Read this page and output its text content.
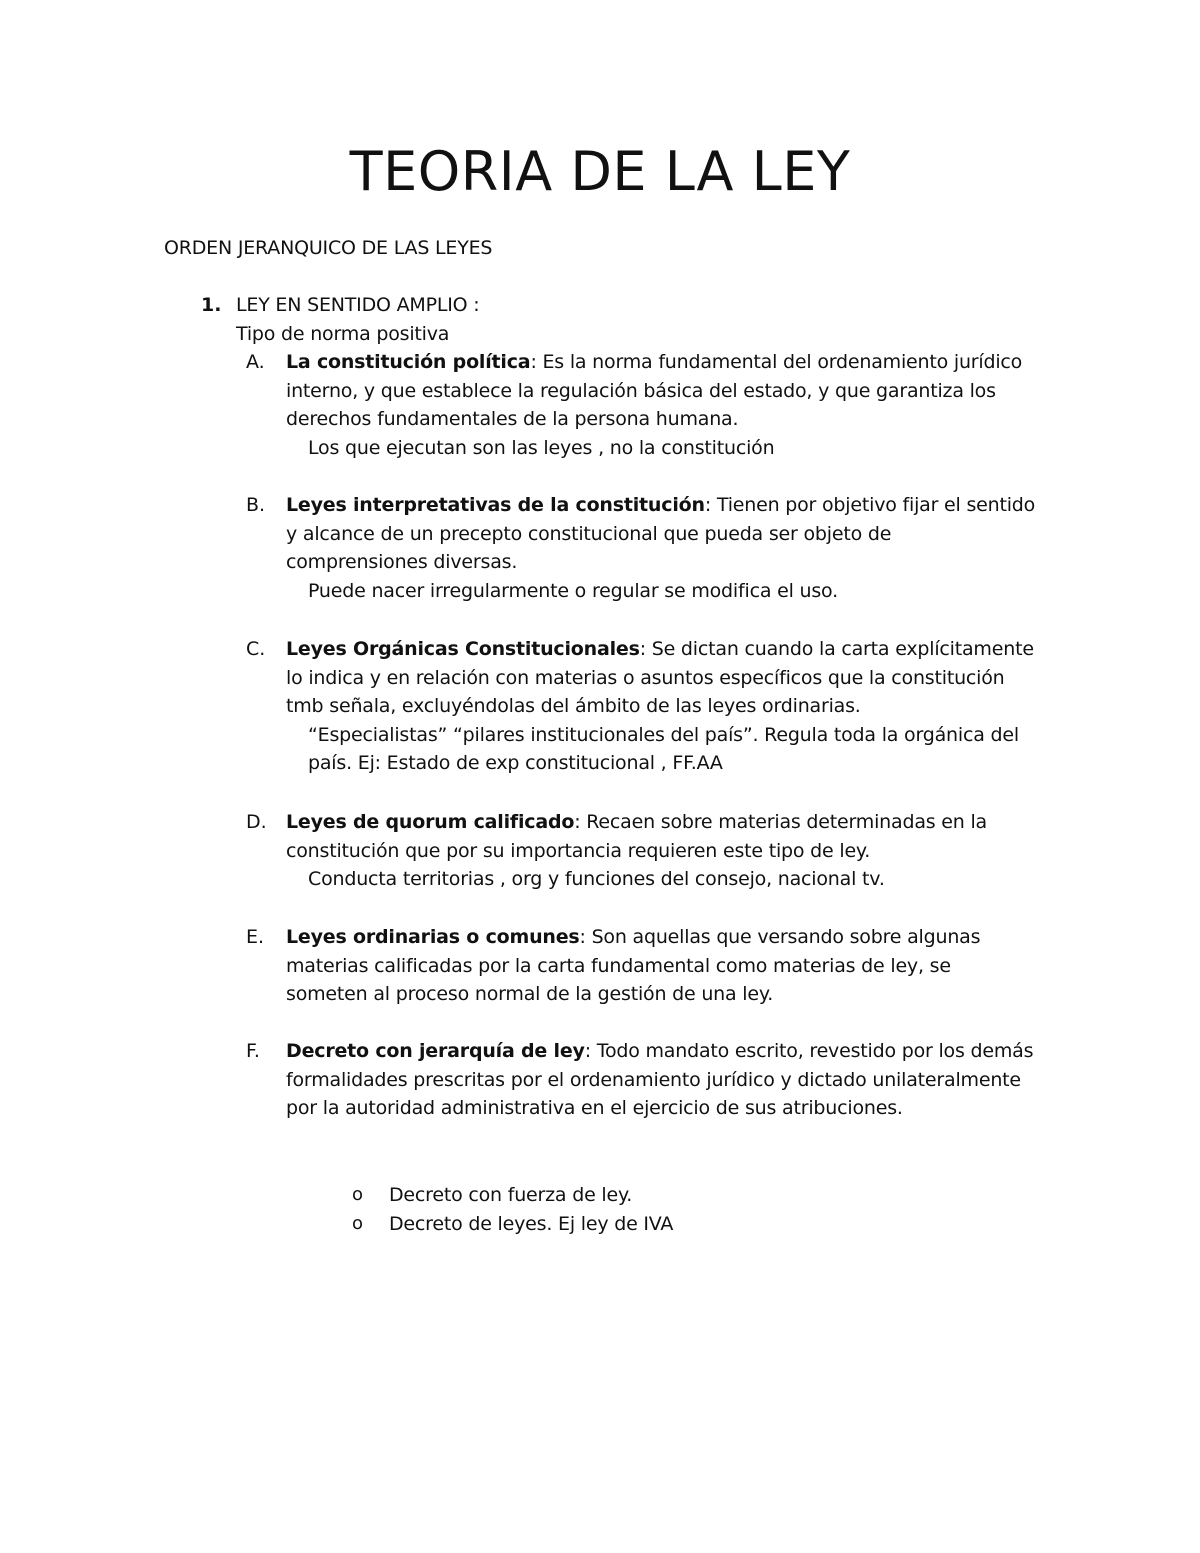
TEORIA DE LA LEY
ORDEN JERANQUICO DE LAS LEYES
1. LEY EN SENTIDO AMPLIO :
Tipo de norma positiva
A. La constitución política: Es la norma fundamental del ordenamiento jurídico interno, y que establece la regulación básica del estado, y que garantiza los derechos fundamentales de la persona humana.
Los que ejecutan son las leyes , no la constitución
B. Leyes interpretativas de la constitución: Tienen por objetivo fijar el sentido y alcance de un precepto constitucional que pueda ser objeto de comprensiones diversas.
Puede nacer irregularmente o regular se modifica el uso.
C. Leyes Orgánicas Constitucionales: Se dictan cuando la carta explícitamente lo indica y en relación con materias o asuntos específicos que la constitución tmb señala, excluyéndolas del ámbito de las leyes ordinarias.
“Especialistas” “pilares institucionales del país”. Regula toda la orgánica del país. Ej: Estado de exp constitucional , FF.AA
D. Leyes de quorum calificado: Recaen sobre materias determinadas en la constitución que por su importancia requieren este tipo de ley.
Conducta territorias , org y funciones del consejo, nacional tv.
E. Leyes ordinarias o comunes: Son aquellas que versando sobre algunas materias calificadas por la carta fundamental como materias de ley, se someten al proceso normal de la gestión de una ley.
F. Decreto con jerarquía de ley: Todo mandato escrito, revestido por los demás formalidades prescritas por el ordenamiento jurídico y dictado unilateralmente por la autoridad administrativa en el ejercicio de sus atribuciones.
o Decreto con fuerza de ley.
o Decreto de leyes. Ej ley de IVA
